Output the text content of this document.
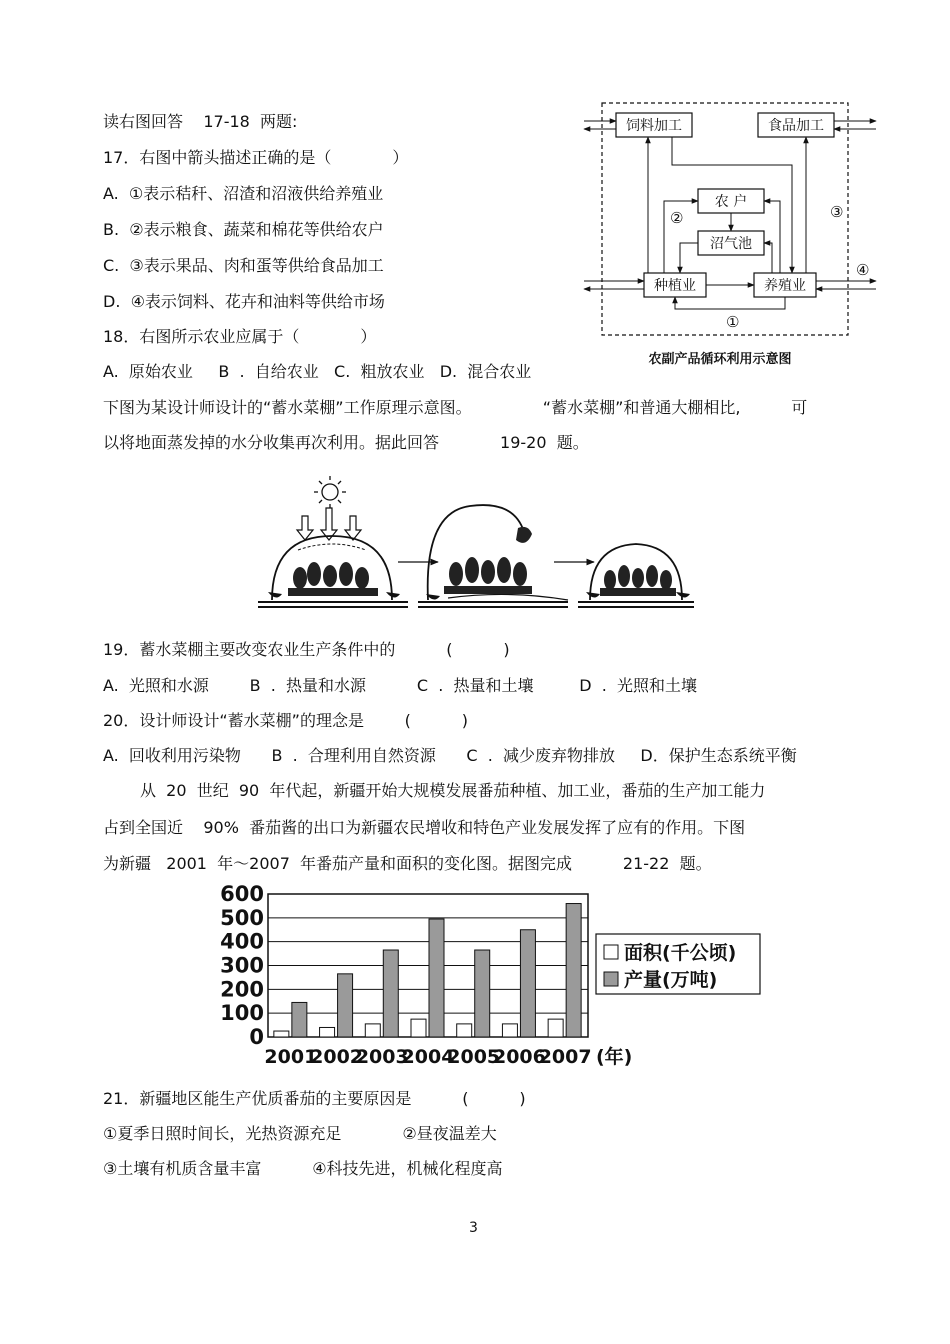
读右图回答    17-18  两题:
17．右图中箭头描述正确的是（            ）
A.  ①表示秸秆、沼渣和沼液供给养殖业
B.  ②表示粮食、蔬菜和棉花等供给农户
C.  ③表示果品、肉和蛋等供给食品加工
D.  ④表示饲料、花卉和油料等供给市场
18．右图所示农业应属于（            ）
A.  原始农业     B  .  自给农业   C.  粗放农业   D.  混合农业
饲料加工	食品加工
农 户
沼气池
种植业	养殖业
①
②	③
④
农副产品循环利用示意图
下图为某设计师设计的“蓄水菜棚”工作原理示意图。              “蓄水菜棚”和普通大棚相比,          可
以将地面蒸发掉的水分收集再次利用。据此回答            19-20  题。
19．蓄水菜棚主要改变农业生产条件中的          (          )
A.  光照和水源        B  .  热量和水源          C  .  热量和土壤         D  .  光照和土壤
20．设计师设计“蓄水菜棚”的理念是        (          )
A.  回收利用污染物      B  .  合理利用自然资源      C  .  减少废弃物排放     D．保护生态系统平衡
从  20  世纪  90  年代起，新疆开始大规模发展番茄种植、加工业，番茄的生产加工能力
占到全国近    90%  番茄酱的出口为新疆农民增收和特色产业发展发挥了应有的作用。下图
为新疆   2001  年～2007  年番茄产量和面积的变化图。据图完成          21-22  题。
600
500
400
300
200
100
0
2001
2002
2003
2004
2005
2006
2007 (年)
面积(千公顷)
产量(万吨)
21．新疆地区能生产优质番茄的主要原因是          (          )
①夏季日照时间长，光热资源充足            ②昼夜温差大
③土壤有机质含量丰富          ④科技先进，机械化程度高
3
